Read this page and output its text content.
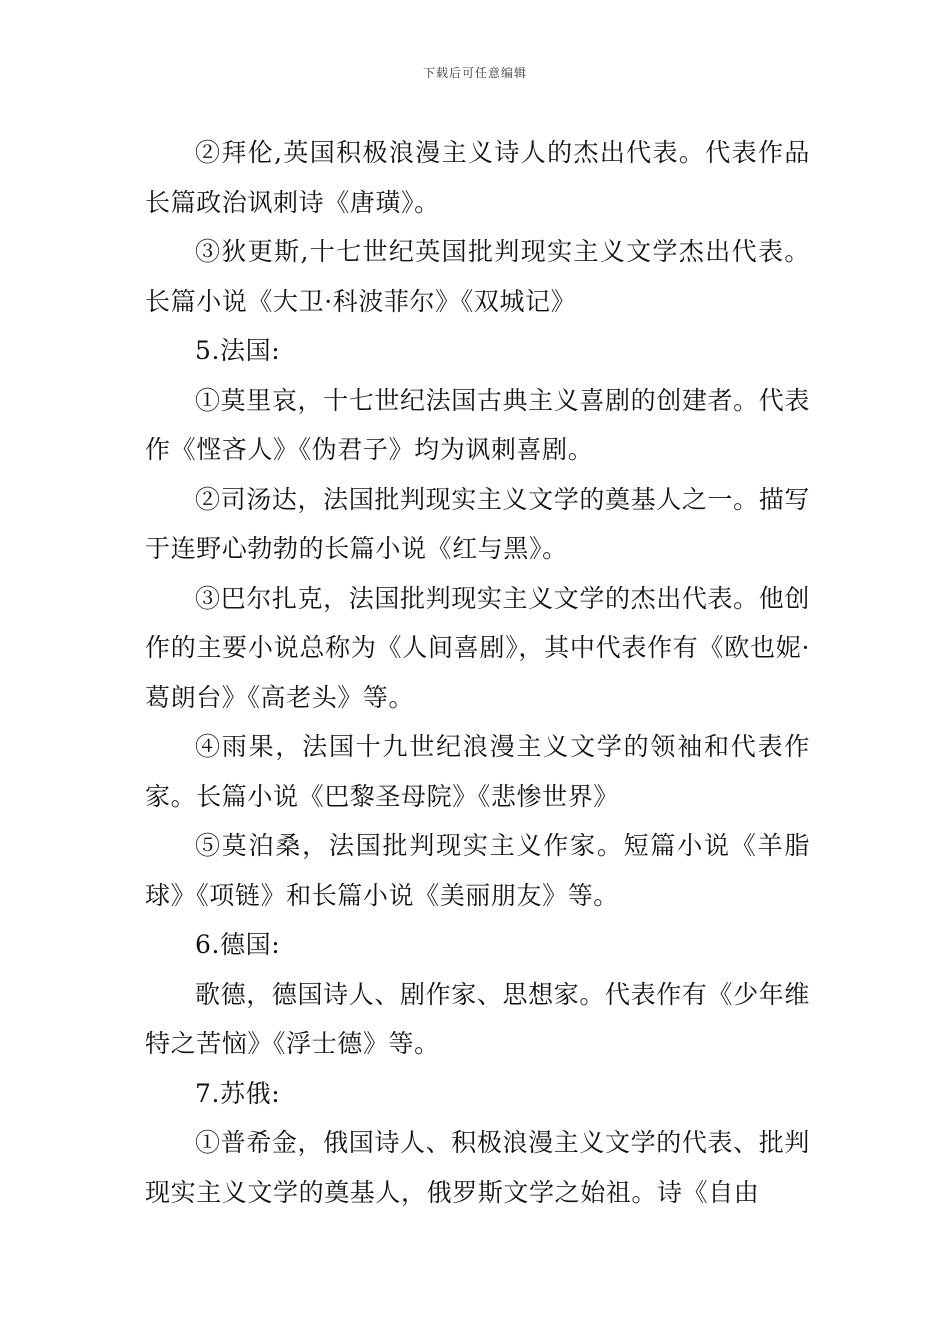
下载后可任意编辑

②拜伦,英国积极浪漫主义诗人的杰出代表。代表作品长篇政治讽刺诗《唐璜》。

③狄更斯,十七世纪英国批判现实主义文学杰出代表。长篇小说《大卫·科波菲尔》《双城记》

5.法国:

①莫里哀，十七世纪法国古典主义喜剧的创建者。代表作《悭吝人》《伪君子》均为讽刺喜剧。

②司汤达，法国批判现实主义文学的奠基人之一。描写于连野心勃勃的长篇小说《红与黑》。

③巴尔扎克，法国批判现实主义文学的杰出代表。他创作的主要小说总称为《人间喜剧》，其中代表作有《欧也妮·葛朗台》《高老头》等。

④雨果，法国十九世纪浪漫主义文学的领袖和代表作家。长篇小说《巴黎圣母院》《悲惨世界》

⑤莫泊桑，法国批判现实主义作家。短篇小说《羊脂球》《项链》和长篇小说《美丽朋友》等。

6.德国:

歌德，德国诗人、剧作家、思想家。代表作有《少年维特之苦恼》《浮士德》等。

7.苏俄:

①普希金，俄国诗人、积极浪漫主义文学的代表、批判现实主义文学的奠基人，俄罗斯文学之始祖。诗《自由
